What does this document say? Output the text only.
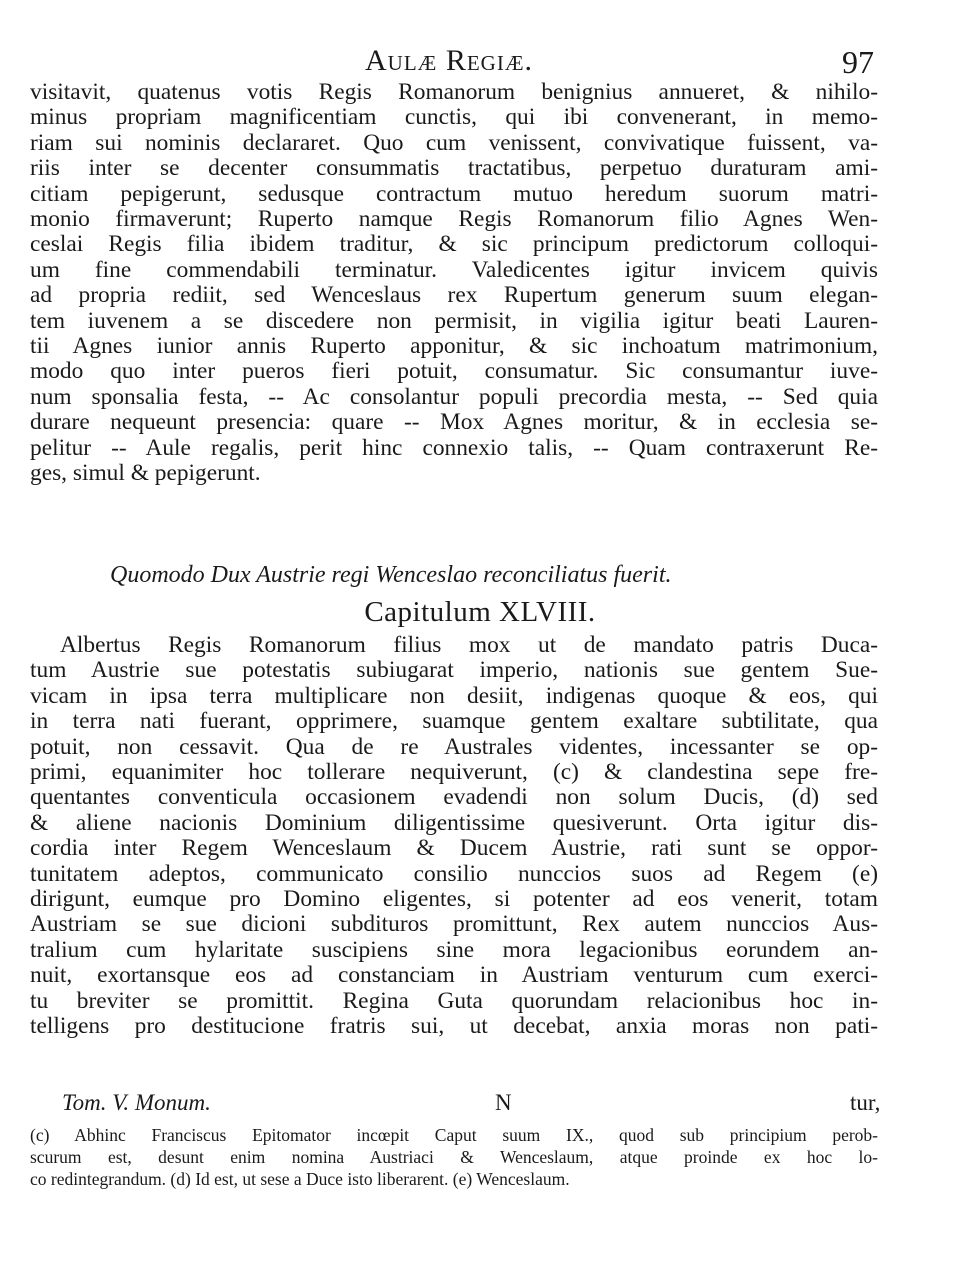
Aulæ Regiæ.	97
visitavit, quatenus votis Regis Romanorum benignius annueret, & nihilo-
minus propriam magnificentiam cunctis, qui ibi convenerant, in memo-
riam sui nominis declararet. Quo cum venissent, convivatique fuissent, va-
riis inter se decenter consummatis tractatibus, perpetuo duraturam ami-
citiam pepigerunt, sedusque contractum mutuo heredum suorum matri-
monio firmaverunt; Ruperto namque Regis Romanorum filio Agnes Wen-
ceslai Regis filia ibidem traditur, & sic principum predictorum colloqui-
um fine commendabili terminatur. Valedicentes igitur invicem quivis
ad propria rediit, sed Wenceslaus rex Rupertum generum suum elegan-
tem iuvenem a se discedere non permisit, in vigilia igitur beati Lauren-
tii Agnes iunior annis Ruperto apponitur, & sic inchoatum matrimonium,
modo quo inter pueros fieri potuit, consumatur. Sic consumantur iuve-
num sponsalia festa, -- Ac consolantur populi precordia mesta, -- Sed quia
durare nequeunt presencia: quare -- Mox Agnes moritur, & in ecclesia se-
pelitur -- Aule regalis, perit hinc connexio talis, -- Quam contraxerunt Re-
ges, simul & pepigerunt.
Quomodo Dux Austrie regi Wenceslao reconciliatus fuerit.
Capitulum XLVIII.
Albertus Regis Romanorum filius mox ut de mandato patris Duca-
tum Austrie sue potestatis subiugarat imperio, nationis sue gentem Sue-
vicam in ipsa terra multiplicare non desiit, indigenas quoque & eos, qui
in terra nati fuerant, opprimere, suamque gentem exaltare subtilitate, qua
potuit, non cessavit. Qua de re Australes videntes, incessanter se op-
primi, equanimiter hoc tollerare nequiverunt, (c) & clandestina sepe fre-
quentantes conventicula occasionem evadendi non solum Ducis, (d) sed
& aliene nacionis Dominium diligentissime quesiverunt. Orta igitur dis-
cordia inter Regem Wenceslaum & Ducem Austrie, rati sunt se oppor-
tunitatem adeptos, communicato consilio nunccios suos ad Regem (e)
dirigunt, eumque pro Domino eligentes, si potenter ad eos venerit, totam
Austriam se sue dicioni subdituros promittunt, Rex autem nunccios Aus-
tralium cum hylaritate suscipiens sine mora legacionibus eorundem an-
nuit, exortansque eos ad constanciam in Austriam venturum cum exerci-
tu breviter se promittit. Regina Guta quorundam relacionibus hoc in-
telligens pro destitucione fratris sui, ut decebat, anxia moras non pati-
Tom. V. Monum.	N	tur,
(c) Abhinc Franciscus Epitomator incœpit Caput suum IX., quod sub principium perob-
scurum est, desunt enim nomina Austriaci & Wenceslaum, atque proinde ex hoc lo-
co redintegrandum. (d) Id est, ut sese a Duce isto liberarent. (e) Wenceslaum.
